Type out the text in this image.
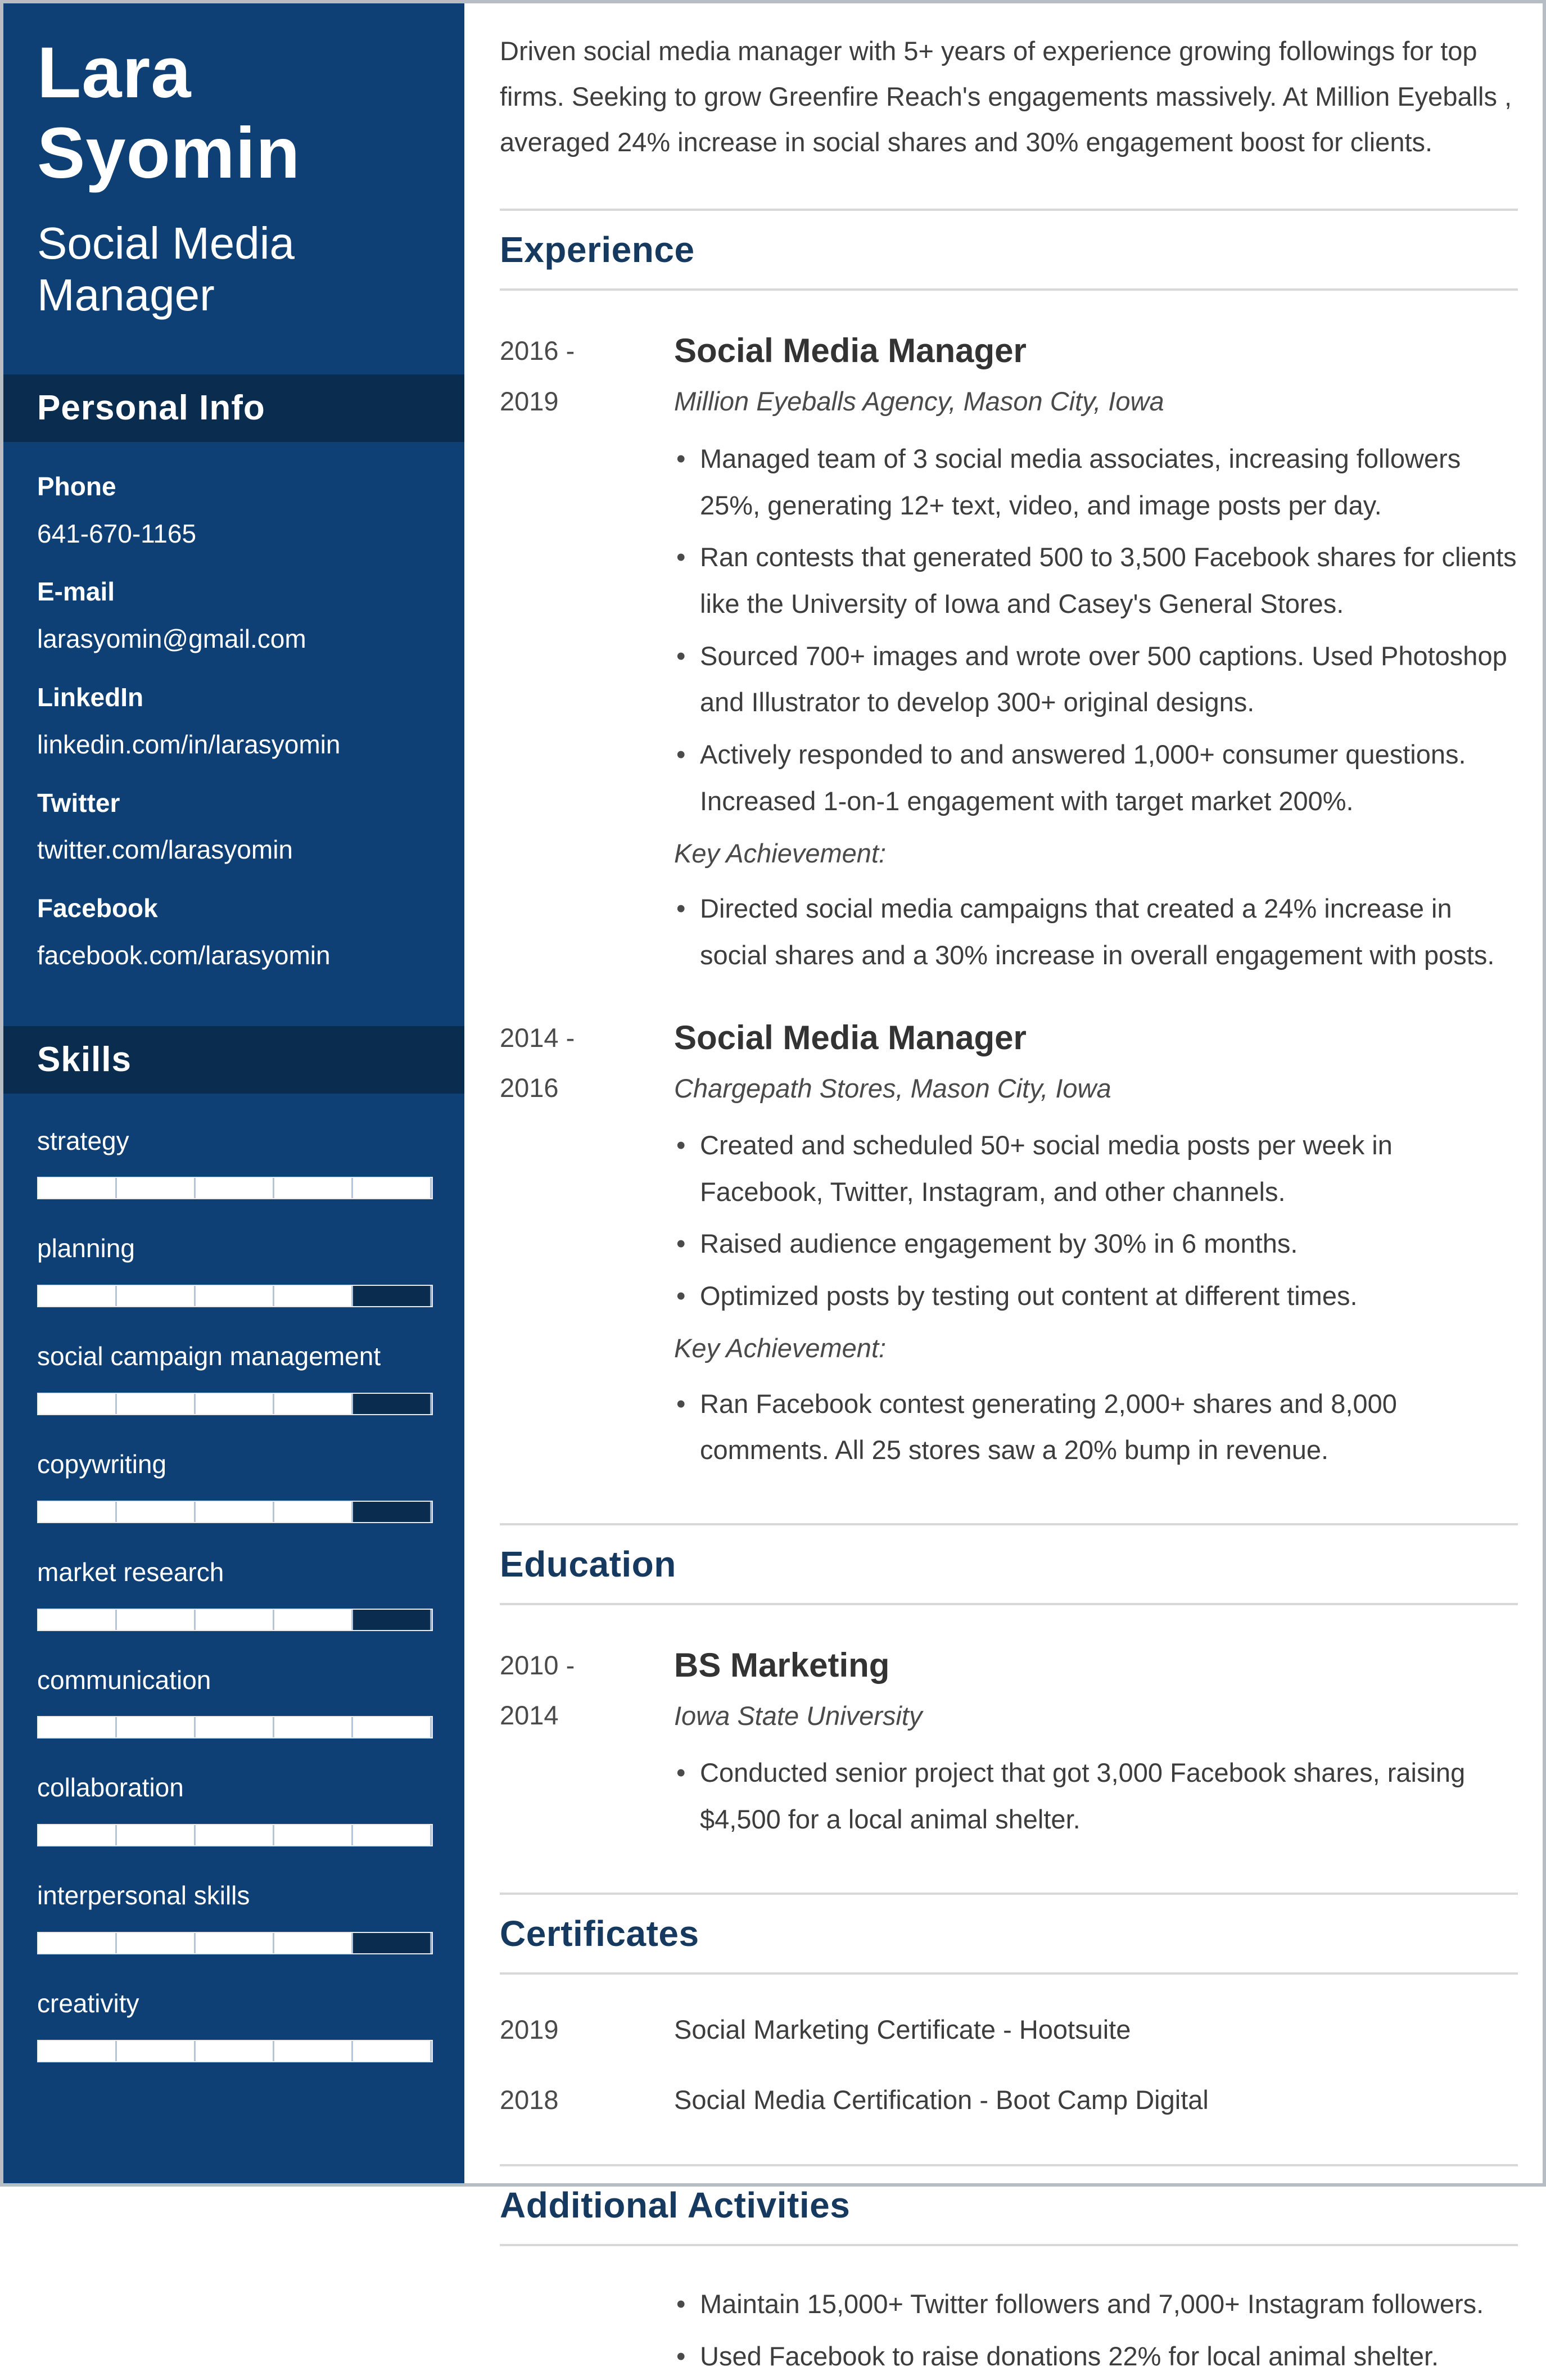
Lara Syomin
Social Media Manager
Personal Info
Phone
641-670-1165
E-mail
larasyomin@gmail.com
LinkedIn
linkedin.com/in/larasyomin
Twitter
twitter.com/larasyomin
Facebook
facebook.com/larasyomin
Skills
strategy
planning
social campaign management
copywriting
market research
communication
collaboration
interpersonal skills
creativity

Driven social media manager with 5+ years of experience growing followings for top firms. Seeking to grow Greenfire Reach's engagements massively. At Million Eyeballs , averaged 24% increase in social shares and 30% engagement boost for clients.

Experience
2016 -
2019
Social Media Manager
Million Eyeballs Agency, Mason City, Iowa
• Managed team of 3 social media associates, increasing followers 25%, generating 12+ text, video, and image posts per day.
• Ran contests that generated 500 to 3,500 Facebook shares for clients like the University of Iowa and Casey's General Stores.
• Sourced 700+ images and wrote over 500 captions. Used Photoshop and Illustrator to develop 300+ original designs.
• Actively responded to and answered 1,000+ consumer questions. Increased 1-on-1 engagement with target market 200%.
Key Achievement:
• Directed social media campaigns that created a 24% increase in social shares and a 30% increase in overall engagement with posts.
2014 -
2016
Social Media Manager
Chargepath Stores, Mason City, Iowa
• Created and scheduled 50+ social media posts per week in Facebook, Twitter, Instagram, and other channels.
• Raised audience engagement by 30% in 6 months.
• Optimized posts by testing out content at different times.
Key Achievement:
• Ran Facebook contest generating 2,000+ shares and 8,000 comments. All 25 stores saw a 20% bump in revenue.
Education
2010 -
2014
BS Marketing
Iowa State University
• Conducted senior project that got 3,000 Facebook shares, raising $4,500 for a local animal shelter.
Certificates
2019	Social Marketing Certificate - Hootsuite
2018	Social Media Certification - Boot Camp Digital
Additional Activities
• Maintain 15,000+ Twitter followers and 7,000+ Instagram followers.
• Used Facebook to raise donations 22% for local animal shelter.
